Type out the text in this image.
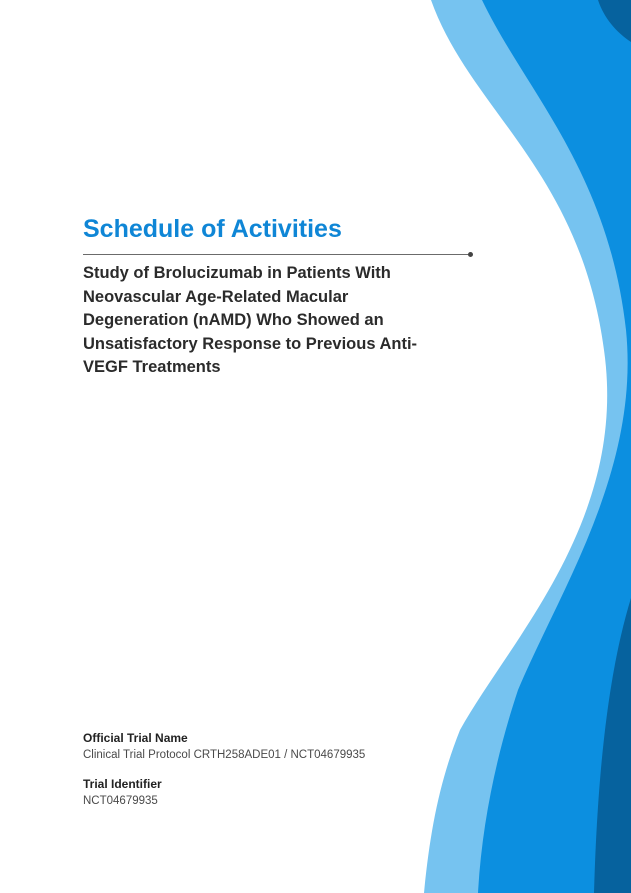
Schedule of Activities

Study of Brolucizumab in Patients With Neovascular Age-Related Macular Degeneration (nAMD) Who Showed an Unsatisfactory Response to Previous Anti-VEGF Treatments

Official Trial Name
Clinical Trial Protocol CRTH258ADE01 / NCT04679935
Trial Identifier
NCT04679935
